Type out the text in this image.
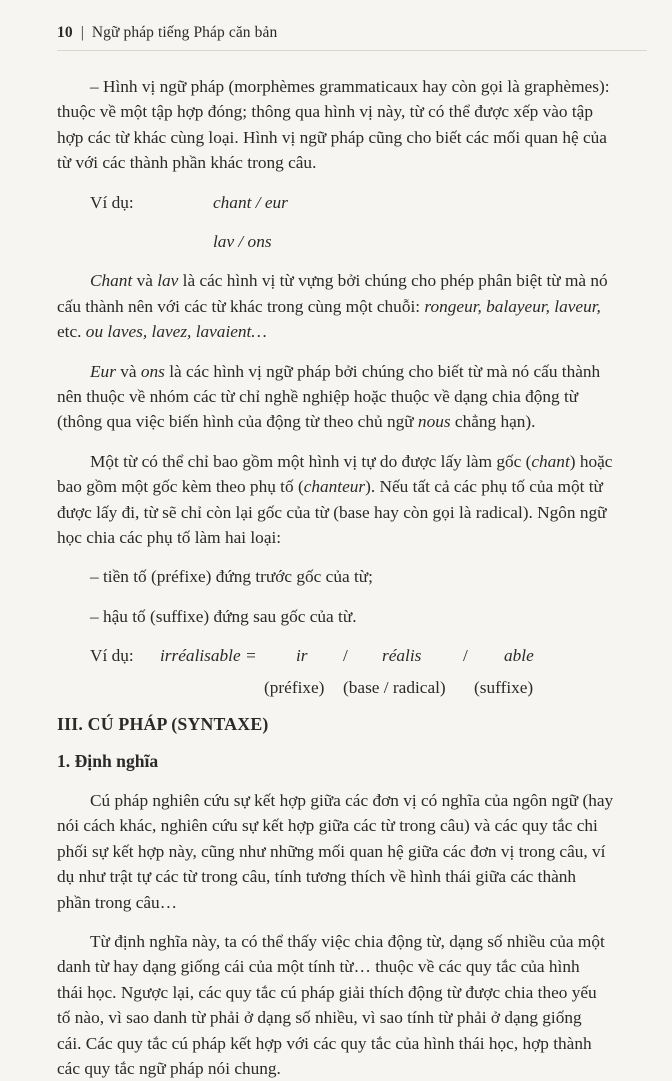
10 | Ngữ pháp tiếng Pháp căn bản

– Hình vị ngữ pháp (morphèmes grammaticaux hay còn gọi là graphèmes):

thuộc về một tập hợp đóng; thông qua hình vị này, từ có thể được xếp vào tập

hợp các từ khác cùng loại. Hình vị ngữ pháp cũng cho biết các mối quan hệ của

từ với các thành phần khác trong câu.

Ví dụ:	chant / eur
lav / ons

Chant và lav là các hình vị từ vựng bởi chúng cho phép phân biệt từ mà nó

cấu thành nên với các từ khác trong cùng một chuỗi: rongeur, balayeur, laveur,

etc. ou laves, lavez, lavaient…

Eur và ons là các hình vị ngữ pháp bởi chúng cho biết từ mà nó cấu thành

nên thuộc về nhóm các từ chỉ nghề nghiệp hoặc thuộc về dạng chia động từ

(thông qua việc biến hình của động từ theo chủ ngữ nous chẳng hạn).

Một từ có thể chỉ bao gồm một hình vị tự do được lấy làm gốc (chant) hoặc

bao gồm một gốc kèm theo phụ tố (chanteur). Nếu tất cả các phụ tố của một từ

được lấy đi, từ sẽ chỉ còn lại gốc của từ (base hay còn gọi là radical). Ngôn ngữ

học chia các phụ tố làm hai loại:

– tiền tố (préfixe) đứng trước gốc của từ;

– hậu tố (suffixe) đứng sau gốc của từ.

Ví dụ: irréalisable = ir / réalis / able
(préfixe) (base / radical) (suffixe)

III. CÚ PHÁP (SYNTAXE)

1. Định nghĩa

Cú pháp nghiên cứu sự kết hợp giữa các đơn vị có nghĩa của ngôn ngữ (hay

nói cách khác, nghiên cứu sự kết hợp giữa các từ trong câu) và các quy tắc chi

phối sự kết hợp này, cũng như những mối quan hệ giữa các đơn vị trong câu, ví

dụ như trật tự các từ trong câu, tính tương thích về hình thái giữa các thành

phần trong câu…

Từ định nghĩa này, ta có thể thấy việc chia động từ, dạng số nhiều của một

danh từ hay dạng giống cái của một tính từ… thuộc về các quy tắc của hình

thái học. Ngược lại, các quy tắc cú pháp giải thích động từ được chia theo yếu

tố nào, vì sao danh từ phải ở dạng số nhiều, vì sao tính từ phải ở dạng giống

cái. Các quy tắc cú pháp kết hợp với các quy tắc của hình thái học, hợp thành

các quy tắc ngữ pháp nói chung.
